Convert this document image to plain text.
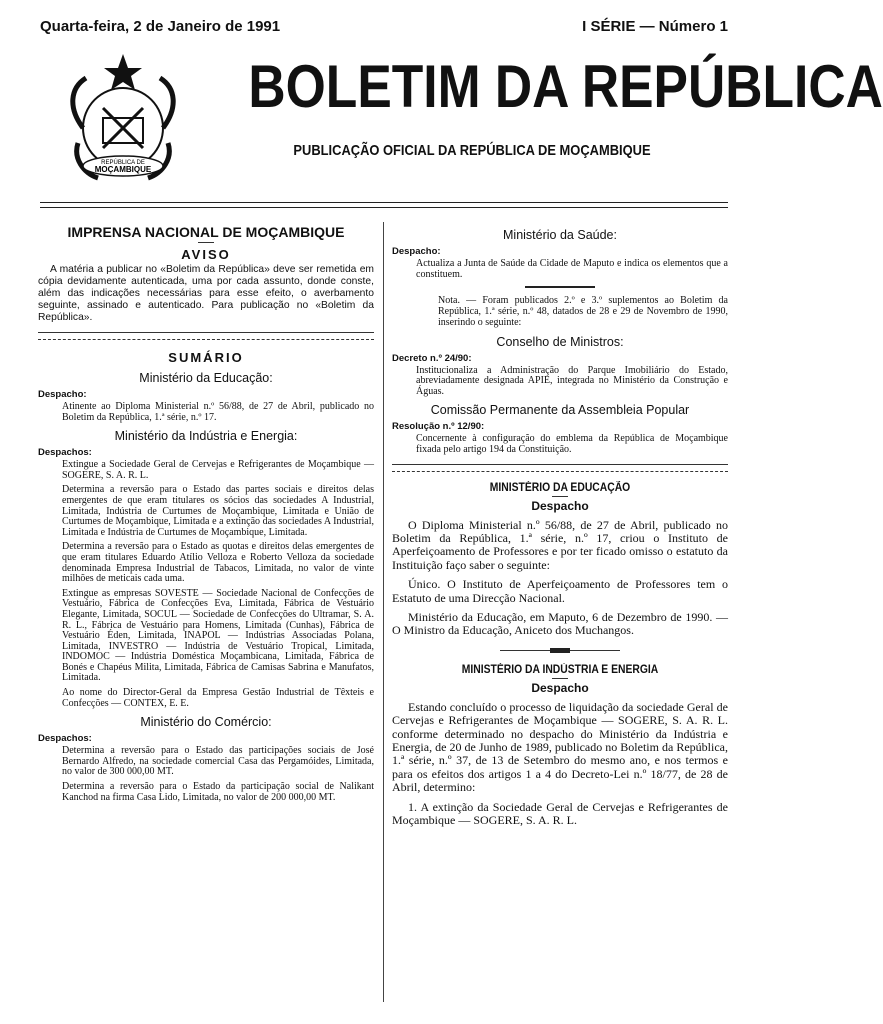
Quarta-feira, 2 de Janeiro de 1991	I SÉRIE — Número 1
REPÚBLICA DE
MOÇAMBIQUE
BOLETIM DA REPÚBLICA
PUBLICAÇÃO OFICIAL DA REPÚBLICA DE MOÇAMBIQUE
IMPRENSA NACIONAL DE MOÇAMBIQUE
AVISO

A matéria a publicar no «Boletim da República» deve ser remetida em cópia devidamente autenticada, uma por cada assunto, donde conste, além das indicações necessárias para esse efeito, o averbamento seguinte, assinado e autenticado. Para publicação no «Boletim da República».

SUMÁRIO
Ministério da Educação:
Despacho:

Atinente ao Diploma Ministerial n.º 56/88, de 27 de Abril, publicado no Boletim da República, 1.ª série, n.º 17.

Ministério da Indústria e Energia:
Despachos:

Extingue a Sociedade Geral de Cervejas e Refrigerantes de Moçambique — SOGERE, S. A. R. L.

Determina a reversão para o Estado das partes sociais e direitos delas emergentes de que eram titulares os sócios das sociedades A Industrial, Limitada, Indústria de Curtumes de Moçambique, Limitada e União de Curtumes de Moçambique, Limitada e a extinção das sociedades A Industrial, Limitada e Indústria de Curtumes de Moçambique, Limitada.

Determina a reversão para o Estado as quotas e direitos delas emergentes de que eram titulares Eduardo Atílio Velloza e Roberto Velloza da sociedade denominada Empresa Industrial de Tabacos, Limitada, no valor de vinte milhões de meticais cada uma.

Extingue as empresas SOVESTE — Sociedade Nacional de Confecções de Vestuário, Fábrica de Confecções Eva, Limitada, Fábrica de Vestuário Elegante, Limitada, SOCUL — Sociedade de Confecções do Ultramar, S. A. R. L., Fábrica de Vestuário para Homens, Limitada (Cunhas), Fábrica de Vestuário Éden, Limitada, INAPOL — Indústrias Associadas Polana, Limitada, INVESTRO — Indústria de Vestuário Tropical, Limitada, INDOMOC — Indústria Doméstica Moçambicana, Limitada, Fábrica de Bonés e Chapéus Milita, Limitada, Fábrica de Camisas Sabrina e Manufatos, Limitada.

Ao nome do Director-Geral da Empresa Gestão Industrial de Têxteis e Confecções — CONTEX, E. E.

Ministério do Comércio:
Despachos:

Determina a reversão para o Estado das participações sociais de José Bernardo Alfredo, na sociedade comercial Casa das Pergamóides, Limitada, no valor de 300 000,00 MT.

Determina a reversão para o Estado da participação social de Nalikant Kanchod na firma Casa Lido, Limitada, no valor de 200 000,00 MT.

Ministério da Saúde:
Despacho:

Actualiza a Junta de Saúde da Cidade de Maputo e indica os elementos que a constituem.

Nota. — Foram publicados 2.º e 3.º suplementos ao Boletim da República, 1.ª série, n.º 48, datados de 28 e 29 de Novembro de 1990, inserindo o seguinte:

Conselho de Ministros:
Decreto n.º 24/90:

Institucionaliza a Administração do Parque Imobiliário do Estado, abreviadamente designada APIE, integrada no Ministério da Construção e Águas.

Comissão Permanente da Assembleia Popular
Resolução n.º 12/90:

Concernente à configuração do emblema da República de Moçambique fixada pelo artigo 194 da Constituição.

MINISTÉRIO DA EDUCAÇÃO
Despacho

O Diploma Ministerial n.º 56/88, de 27 de Abril, publicado no Boletim da República, 1.ª série, n.º 17, criou o Instituto de Aperfeiçoamento de Professores e por ter ficado omisso o estatuto da Instituição faço saber o seguinte:

Único. O Instituto de Aperfeiçoamento de Professores tem o Estatuto de uma Direcção Nacional.

Ministério da Educação, em Maputo, 6 de Dezembro de 1990. — O Ministro da Educação, Aniceto dos Muchangos.

MINISTÉRIO DA INDÚSTRIA E ENERGIA
Despacho

Estando concluído o processo de liquidação da sociedade Geral de Cervejas e Refrigerantes de Moçambique — SOGERE, S. A. R. L. conforme determinado no despacho do Ministério da Indústria e Energia, de 20 de Junho de 1989, publicado no Boletim da República, 1.ª série, n.º 37, de 13 de Setembro do mesmo ano, e nos termos e para os efeitos dos artigos 1 a 4 do Decreto-Lei n.º 18/77, de 28 de Abril, determino:

1. A extinção da Sociedade Geral de Cervejas e Refrigerantes de Moçambique — SOGERE, S. A. R. L.
